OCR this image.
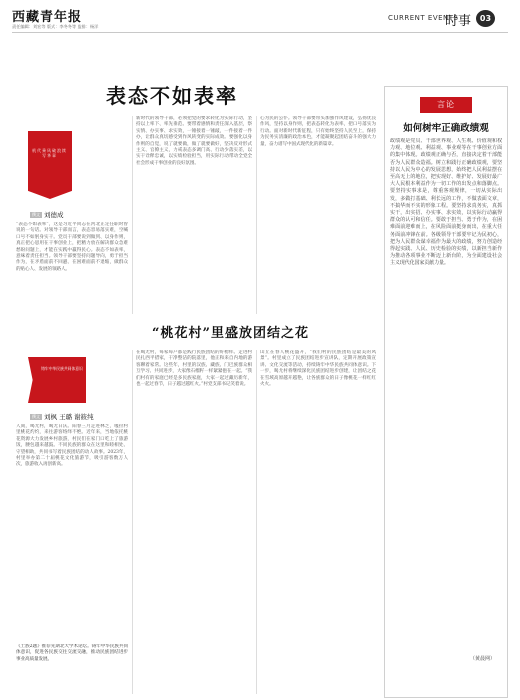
西藏青年报
责任编辑：刘宏等 版式：李冬冬等 监排：杨洋
CURRENT EVENTS
时事	03
表态不如表率
机 代 乘 风 破 浪 续 写 华 章
撰文 刘德成
“表态不如表率”，这是习近平同志在河北正定任职时曾说的一句话。对领导干部而言，表态容易落实难，空喊口号不如躬身实干。党员干部要说到做到、以身作则，真正把心思用在干事创业上，把精力放在解决群众急难愁盼问题上，才能在实践中赢得民心。表态不如表率，意味着责任担当。领导干部要坚持问题导向，勇于担当作为，在矛盾面前不回避、在困难面前不退缩，做群众的贴心人、发展的领路人。
新时代的领导干部，必须把党的要求转化为实际行动，坚持以上率下、率先垂范。要带着感情和责任深入基层，察实情、办实事、求实效，一锤接着一锤敲，一件接着一件办，让群众真切感受到作风转变的实际成效。要强化以身作则的自觉，说了就要做，做了就要做好，坚决反对形式主义、官僚主义，力戒表态多调门高、行动少落实差，以实干诠释忠诚，以实绩检验担当，用实际行动带动全党全社会形成干事创业的良好氛围。
心为民的公仆。领导干部要带头加强作风建设，弘扬优良作风，坚持以身作则，把表态转化为表率，把口号落实为行动。面对新时代新征程，只有始终坚持人民至上，保持为民务实清廉的政治本色，才能凝聚起团结奋斗的强大力量，奋力谱写中国式现代化的新篇章。
“桃花村”里盛放团结之花
铸牢中华民族共同体意识
撰文 刘枫 王璐 谢筱纯
人间，喝尤村，喝尤日沃。阳春三月走进林芝，嘎拉村里桃花灼灼，来往游客络绎不绝。近年来，当地依托桃花资源大力发展乡村旅游，村民们在家门口吃上了旅游饭，腰包越来越鼓。不同民族的群众在这里和睦相处、守望相助，共同书写着民族团结的动人故事。2023年，村里举办第二十届桃花文化旅游节，吸引游客数万人次，旅游收入再创新高。
在喝尤村，每家每户都是践行民族团结的好榜样。走进村民扎西平措家，干净整洁的院落里，他正和来自内地的游客聊着家常。这些年，村里的汉族、藏族、门巴族群众相互学习、共同进步，大家像石榴籽一样紧紧抱在一起。“我们村有的家庭已经是多民族家庭，大家一起过藏历新年，也一起过春节，日子越过越红火。”村党支部书记笑着说。
山丘在春人桃花盛开，“我们村的民族团结是最美的风景”。村里成立了民族团结进步宣讲队，定期开展政策宣讲、文化交流等活动，持续铸牢中华民族共同体意识。下一步，喝尤村将继续深化民族团结进步创建，让团结之花在雪域高原越开越艳，让各族群众的日子像桃花一样红红火火。
《土族2题》推荐先期北大学术论坛。铸牢中华民族共同体意识，促进各民族交往交流交融，推动民族团结进步事业高质量发展。
言论
如何树牢正确政绩观
政绩观是党员、干部世界观、人生观、价值观和权力观、地位观、利益观、事业观等在干事创业方面的集中体现。政绩观正确与否，直接决定着干部能否为人民群众造福。树立和践行正确政绩观，要坚持以人民为中心的发展思想，始终把人民利益摆在至高无上的地位，把实现好、维护好、发展好最广大人民根本利益作为一切工作的出发点和落脚点。要坚持实事求是，尊重客观规律，一切从实际出发，多做打基础、利长远的工作，不做表面文章，不搞华而不实的形象工程。要坚持求真务实，真抓实干，出实招、办实事、求实效，以实际行动赢得群众的认可和信任。要敢于担当、勇于作为，在困难面前迎难而上，在风险面前挺身而出，在重大任务面前冲锋在前。各级领导干部要牢记为民初心，把为人民群众谋幸福作为最大的政绩，努力创造经得起实践、人民、历史检验的实绩，以新担当新作为推动各项事业不断迈上新台阶，为全面建设社会主义现代化国家贡献力量。
（黄晨网）
